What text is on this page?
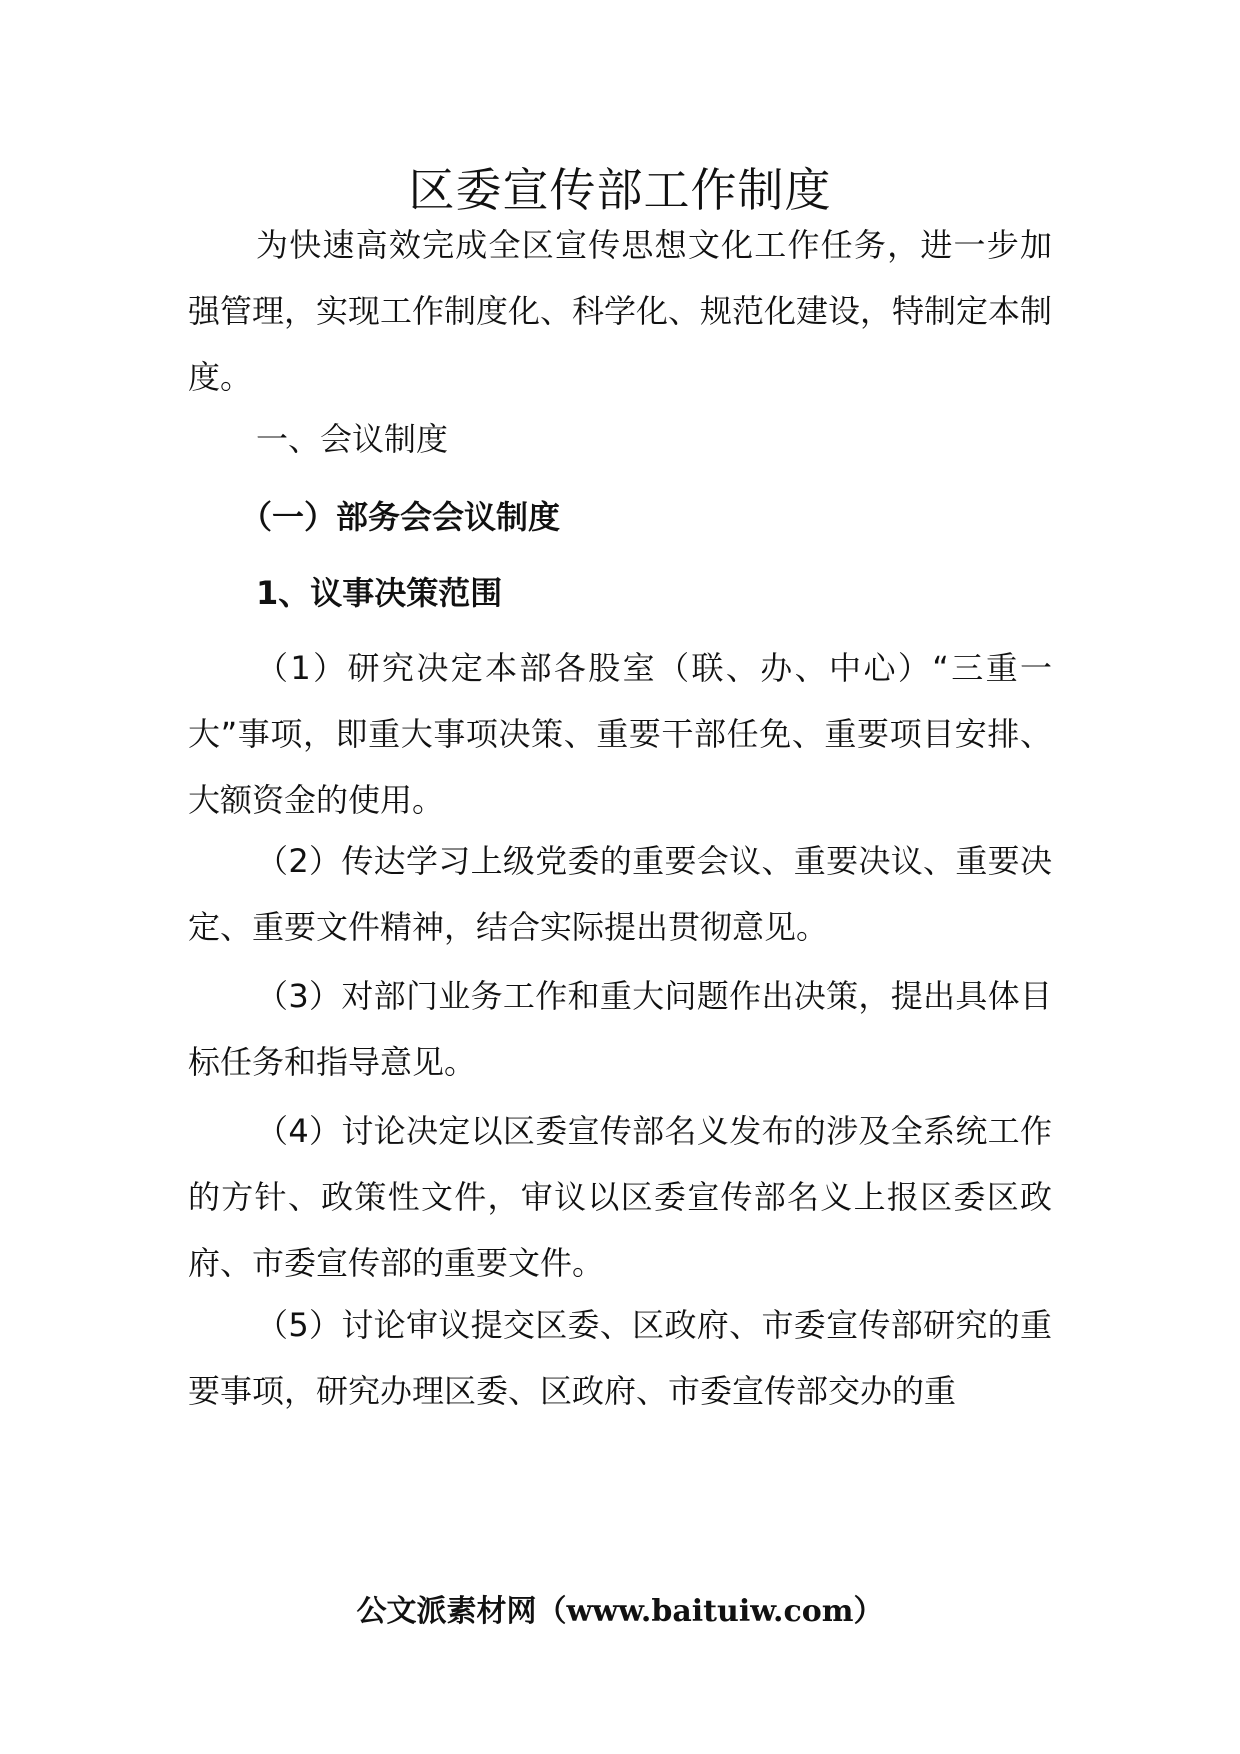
区委宣传部工作制度

为快速高效完成全区宣传思想文化工作任务，进一步加强管理，实现工作制度化、科学化、规范化建设，特制定本制度。

一、会议制度

（一）部务会会议制度

1、议事决策范围

（1）研究决定本部各股室（联、办、中心）“三重一大”事项，即重大事项决策、重要干部任免、重要项目安排、大额资金的使用。

（2）传达学习上级党委的重要会议、重要决议、重要决定、重要文件精神，结合实际提出贯彻意见。

（3）对部门业务工作和重大问题作出决策，提出具体目标任务和指导意见。

（4）讨论决定以区委宣传部名义发布的涉及全系统工作的方针、政策性文件，审议以区委宣传部名义上报区委区政府、市委宣传部的重要文件。

（5）讨论审议提交区委、区政府、市委宣传部研究的重要事项，研究办理区委、区政府、市委宣传部交办的重

公文派素材网（www.baituiw.com）
